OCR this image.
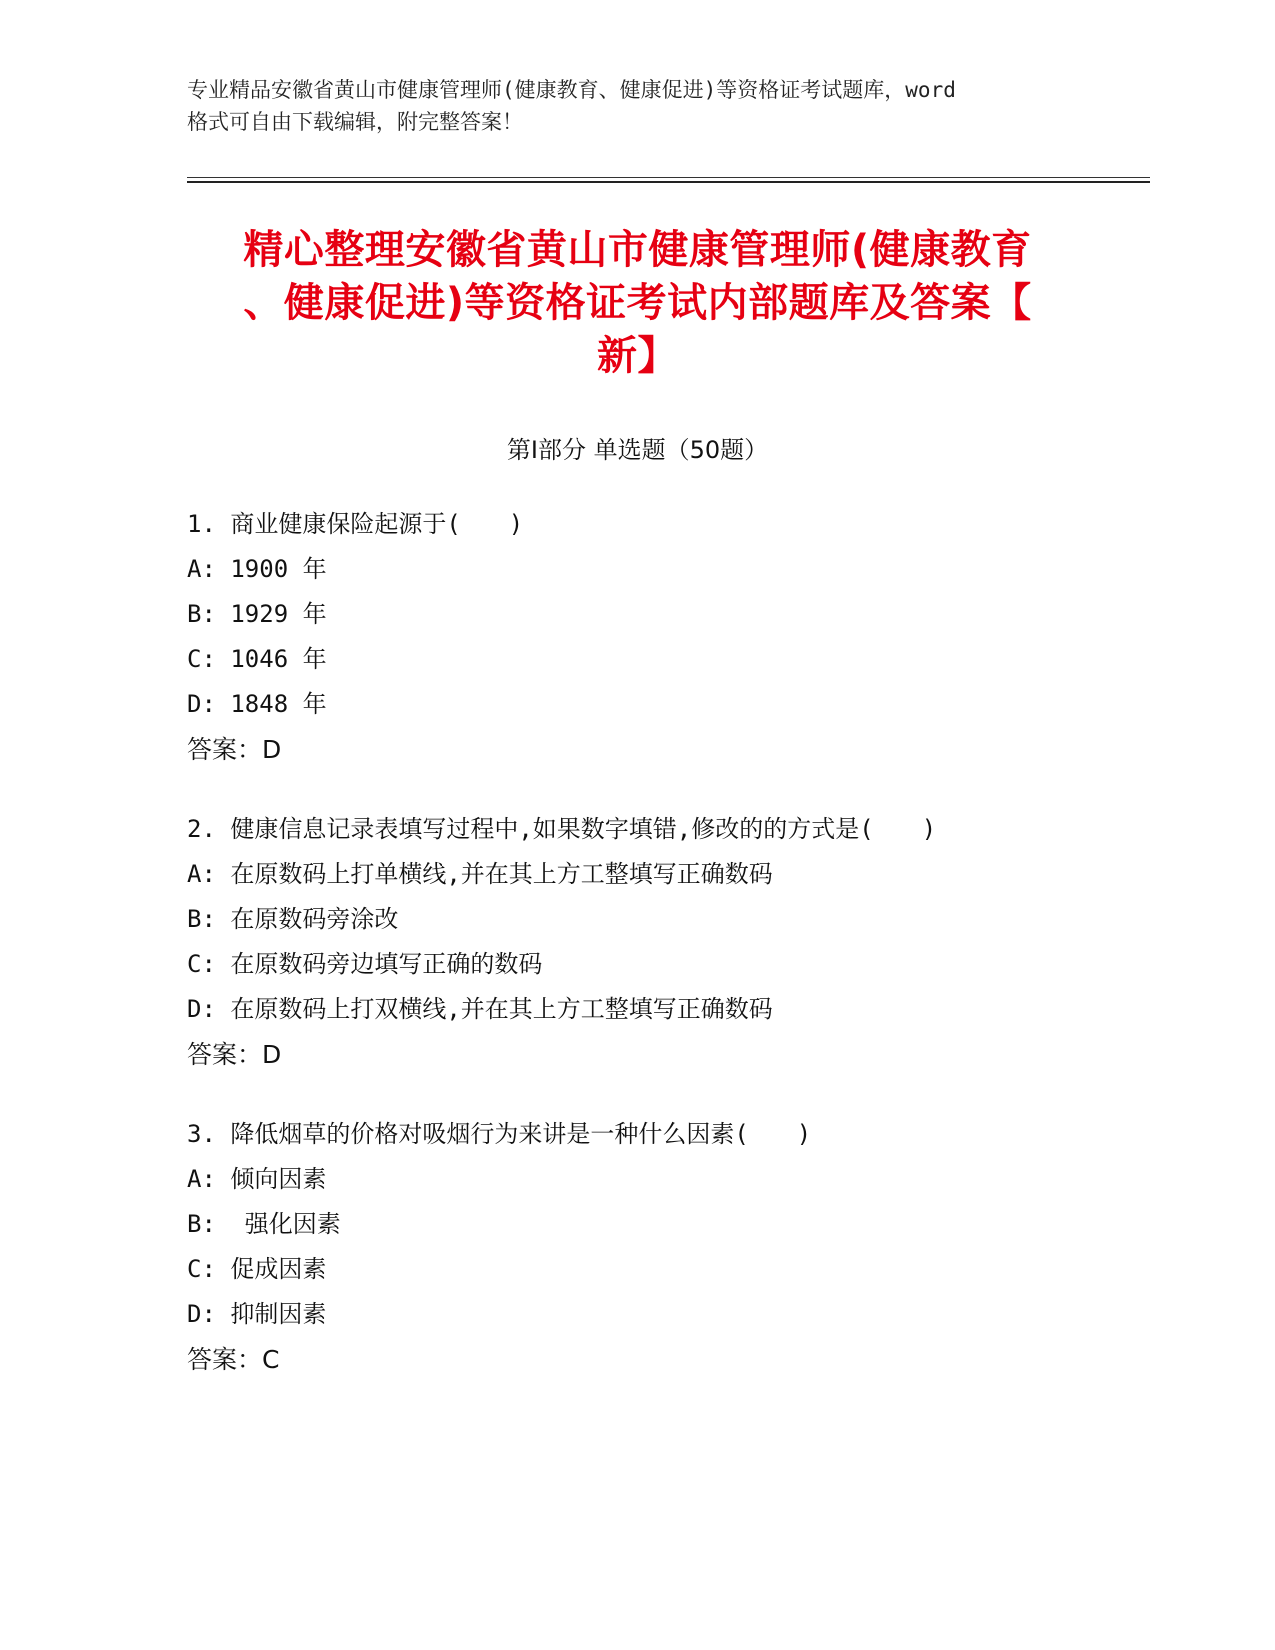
专业精品安徽省黄山市健康管理师(健康教育、健康促进)等资格证考试题库，word
格式可自由下载编辑，附完整答案！
精心整理安徽省黄山市健康管理师(健康教育
、健康促进)等资格证考试内部题库及答案【
新】
第Ⅰ部分 单选题（50题）
1. 商业健康保险起源于(　　)
A: 1900 年
B: 1929 年
C: 1046 年
D: 1848 年
答案：D
2. 健康信息记录表填写过程中,如果数字填错,修改的的方式是(　　)
A: 在原数码上打单横线,并在其上方工整填写正确数码
B: 在原数码旁涂改
C: 在原数码旁边填写正确的数码
D: 在原数码上打双横线,并在其上方工整填写正确数码
答案：D
3. 降低烟草的价格对吸烟行为来讲是一种什么因素(　　)
A: 倾向因素
B:  强化因素
C: 促成因素
D: 抑制因素
答案：C
